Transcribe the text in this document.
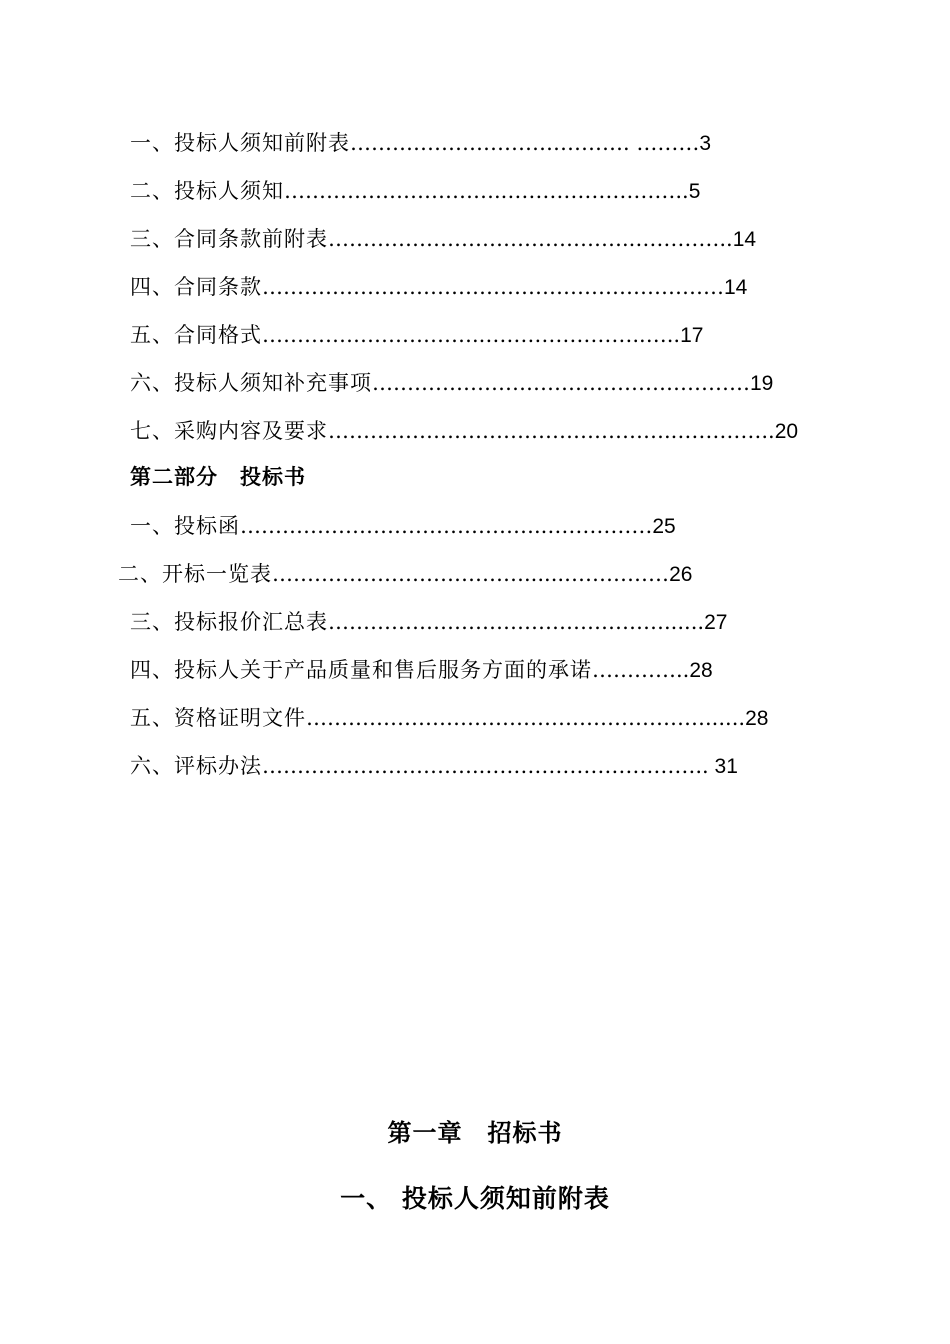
一、投标人须知前附表…………………………………. ………3
二、投标人须知…………………………..……………………..5
三、合同条款前附表……………………………………..…………..14
四、合同条款…………………………………………………………14
五、合同格式…………………………..…………………..…..17
六、投标人须知补充事项………………………………………………19
七、采购内容及要求…………………………………………..…………..20
第二部分　投标书
一、投标函……………………………………..……………25
二、开标一览表………………………………......……………26
三、投标报价汇总表…………………………………………......27
四、投标人关于产品质量和售后服务方面的承诺…………..28
五、资格证明文件…………………………………………………......28
六、评标办法…………………………..………………………….. 31
第一章　招标书
一、 投标人须知前附表
